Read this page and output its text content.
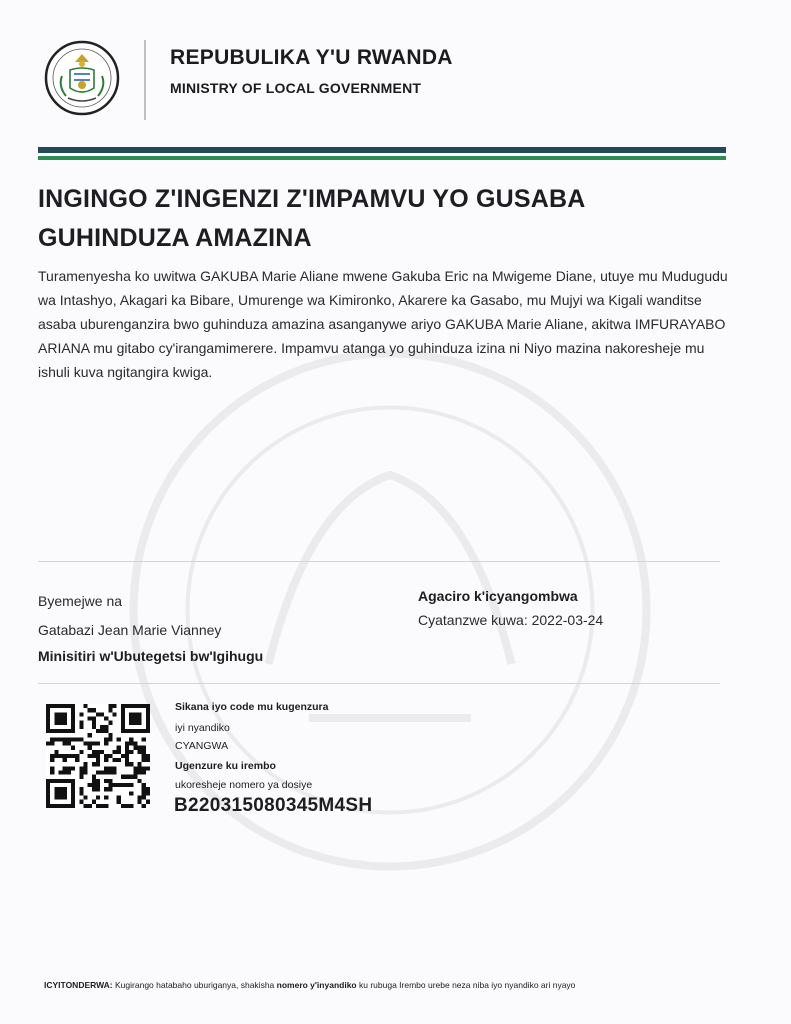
REPUBULIKA Y'U RWANDA
MINISTRY OF LOCAL GOVERNMENT
INGINGO Z'INGENZI Z'IMPAMVU YO GUSABA GUHINDUZA AMAZINA
Turamenyesha ko uwitwa GAKUBA Marie Aliane mwene Gakuba Eric na Mwigeme Diane, utuye mu Mudugudu wa Intashyo, Akagari ka Bibare, Umurenge wa Kimironko, Akarere ka Gasabo, mu Mujyi wa Kigali wanditse asaba uburenganzira bwo guhinduza amazina asanganywe ariyo GAKUBA Marie Aliane, akitwa IMFURAYABO ARIANA mu gitabo cy'irangamimerere. Impamvu atanga yo guhinduza izina ni Niyo mazina nakoresheje mu ishuli kuva ngitangira kwiga.
Byemejwe na
Gatabazi Jean Marie Vianney
Minisitiri w'Ubutegetsi bw'Igihugu
Agaciro k'icyangombwa
Cyatanzwe kuwa: 2022-03-24
Sikana iyo code mu kugenzura
iyi nyandiko
CYANGWA
Ugenzure ku irembo
ukoresheje nomero ya dosiye
B220315080345M4SH
ICYITONDERWA: Kugirango hatabaho uburiganya, shakisha nomero y'inyandiko ku rubuga Irembo urebe neza niba iyo nyandiko ari nyayo
